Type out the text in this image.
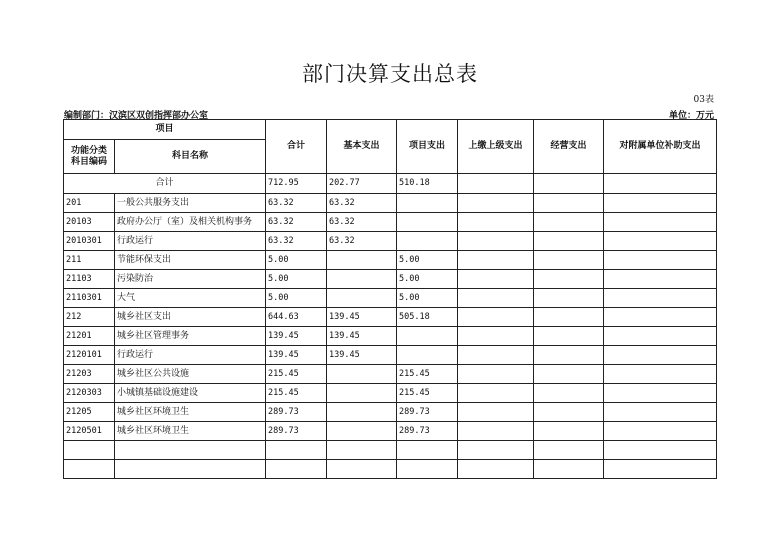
部门决算支出总表
03表
编制部门：汉滨区双创指挥部办公室	单位：万元
项目		合计	基本支出	项目支出	上缴上级支出	经营支出	对附属单位补助支出
功能分类
科目编码	科目名称						
合计		712.95	202.77	510.18			
201	一般公共服务支出	63.32	63.32				
20103	政府办公厅（室）及相关机构事务	63.32	63.32				
2010301	行政运行	63.32	63.32				
211	节能环保支出	5.00		5.00			
21103	污染防治	5.00		5.00			
2110301	大气	5.00		5.00			
212	城乡社区支出	644.63	139.45	505.18			
21201	城乡社区管理事务	139.45	139.45				
2120101	行政运行	139.45	139.45				
21203	城乡社区公共设施	215.45		215.45			
2120303	小城镇基础设施建设	215.45		215.45			
21205	城乡社区环境卫生	289.73		289.73			
2120501	城乡社区环境卫生	289.73		289.73			
